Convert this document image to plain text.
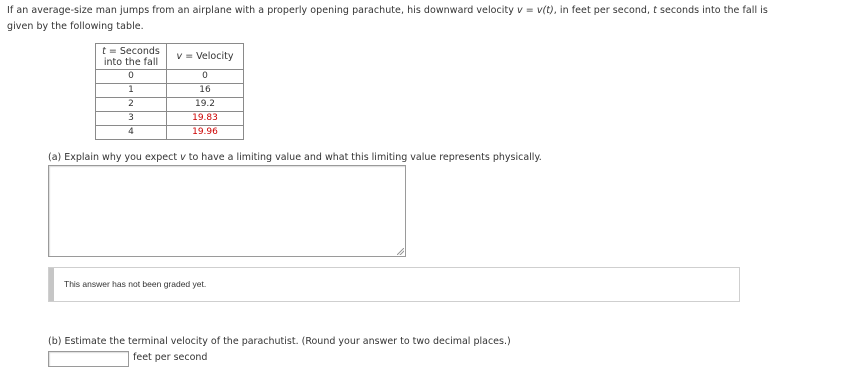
If an average-size man jumps from an airplane with a properly opening parachute, his downward velocity v = v(t), in feet per second, t seconds into the fall is
given by the following table.
t = Seconds
into the fall	v = Velocity
0	0
1	16
2	19.2
3	19.83
4	19.96
(a) Explain why you expect v to have a limiting value and what this limiting value represents physically.
This answer has not been graded yet.
(b) Estimate the terminal velocity of the parachutist. (Round your answer to two decimal places.)
feet per second
